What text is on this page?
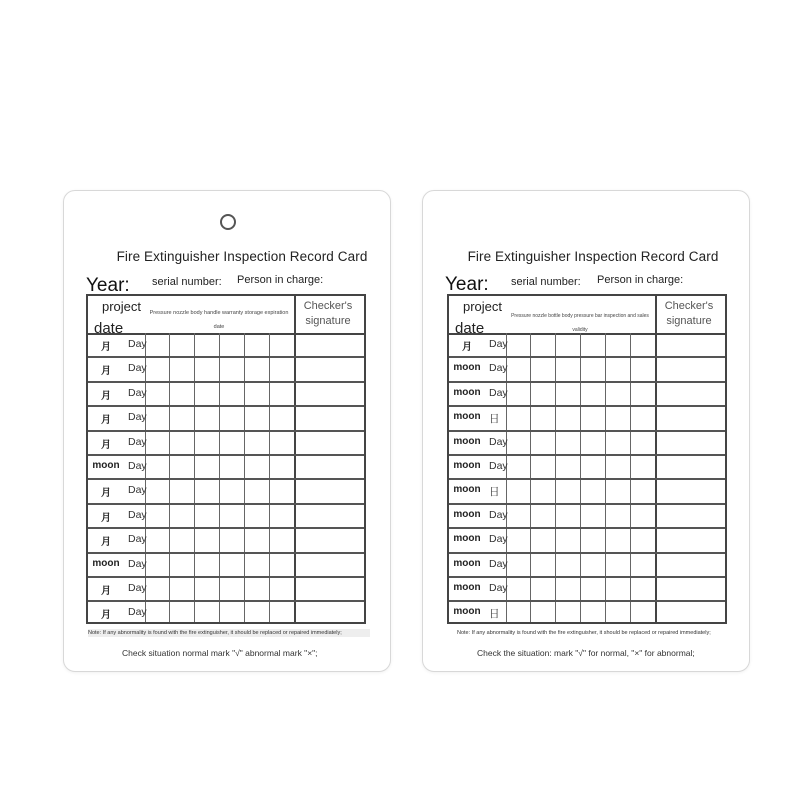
Fire Extinguisher Inspection Record Card
Year: serial number: Person in charge:
project
date
Pressure nozzle body handle warranty storage expiration
date
Checker's
signature
月	Day
月	Day
月	Day
月	Day
月	Day
moon Day
月	Day
月	Day
月	Day
moon Day
月	Day
月	Day
Note: If any abnormality is found with the fire extinguisher, it should be replaced or repaired immediately;
Check situation normal mark "√" abnormal mark "×";
Fire Extinguisher Inspection Record Card
Year: serial number: Person in charge:
project
date
Pressure nozzle bottle body pressure bar inspection and sales validity
Checker's
signature
月	Day
moon Day
moon Day
moon 日
moon Day
moon Day
moon 日
moon Day
moon Day
moon Day
moon Day
moon 日
Note: If any abnormality is found with the fire extinguisher, it should be replaced or repaired immediately;
Check the situation: mark "√" for normal, "×" for abnormal;
